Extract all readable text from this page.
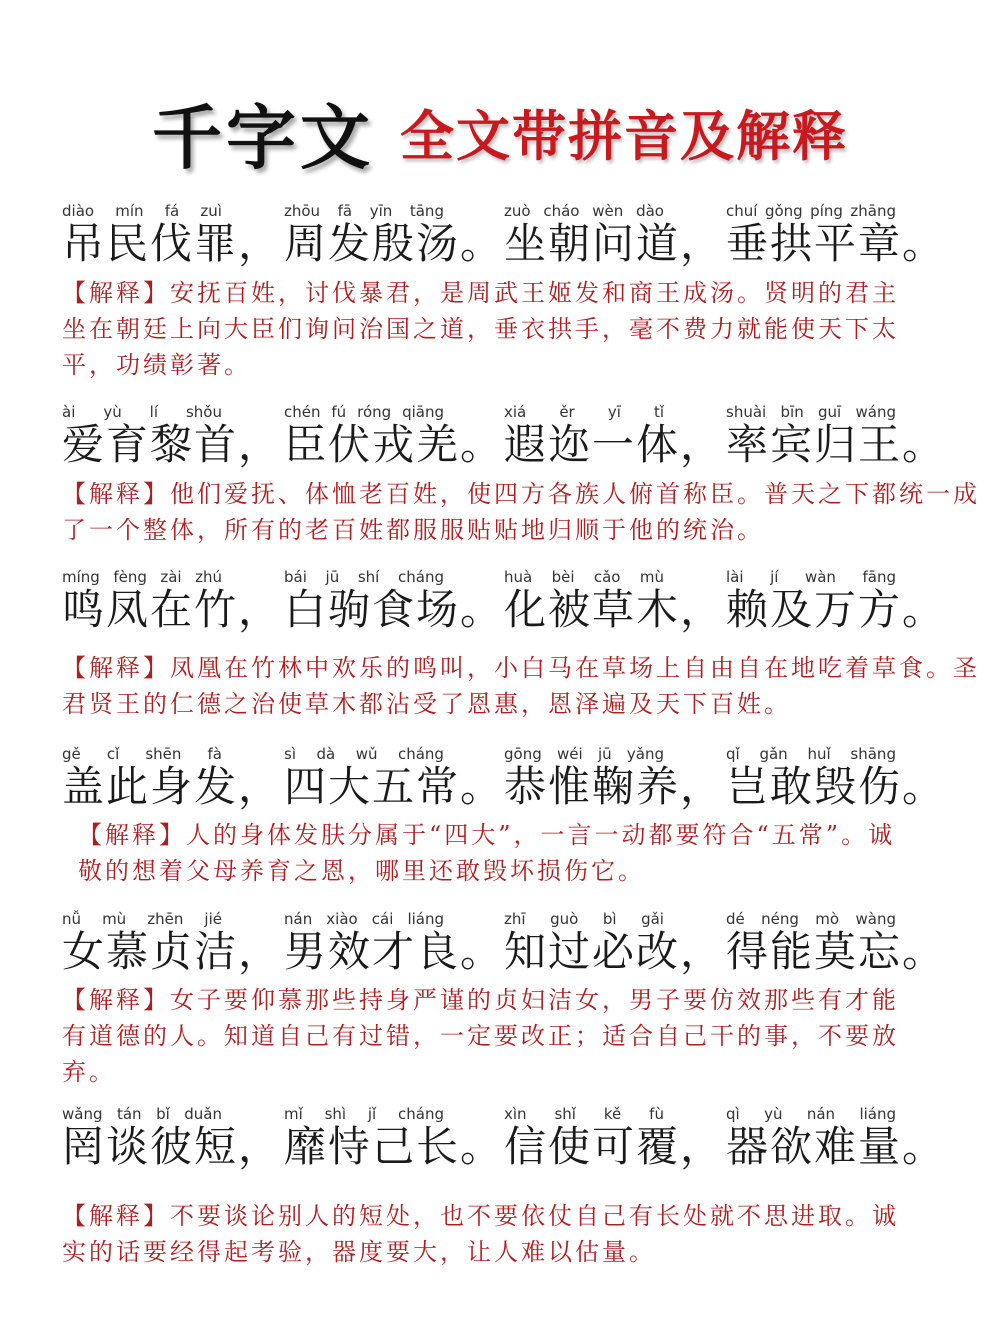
千字文 全文带拼音及解释
diào mín fá zuì
吊民伐罪，
zhōu fā yīn tāng
周发殷汤。
zuò cháo wèn dào
坐朝问道，
chuí gǒng píng zhāng
垂拱平章。
【解释】安抚百姓，讨伐暴君，是周武王姬发和商王成汤。贤明的君主坐在朝廷上向大臣们询问治国之道，垂衣拱手，毫不费力就能使天下太平，功绩彰著。
ài yù lí shǒu
爱育黎首，
chén fú róng qiāng
臣伏戎羌。
xiá ěr yī tǐ
遐迩一体，
shuài bīn guī wáng
率宾归王。
【解释】他们爱抚、体恤老百姓，使四方各族人俯首称臣。普天之下都统一成了一个整体，所有的老百姓都服服贴贴地归顺于他的统治。
míng fèng zài zhú
鸣凤在竹，
bái jū shí cháng
白驹食场。
huà bèi cǎo mù
化被草木，
lài jí wàn fāng
赖及万方。
【解释】凤凰在竹林中欢乐的鸣叫，小白马在草场上自由自在地吃着草食。圣君贤王的仁德之治使草木都沾受了恩惠，恩泽遍及天下百姓。
gě cǐ shēn fà
盖此身发，
sì dà wǔ cháng
四大五常。
gōng wéi jū yǎng
恭惟鞠养，
qǐ gǎn huǐ shāng
岂敢毁伤。
【解释】人的身体发肤分属于“四大”，一言一动都要符合“五常”。诚敬的想着父母养育之恩，哪里还敢毁坏损伤它。
nǚ mù zhēn jié
女慕贞洁，
nán xiào cái liáng
男效才良。
zhī guò bì gǎi
知过必改，
dé néng mò wàng
得能莫忘。
【解释】女子要仰慕那些持身严谨的贞妇洁女，男子要仿效那些有才能有道德的人。知道自己有过错，一定要改正；适合自己干的事，不要放弃。
wǎng tán bǐ duǎn
罔谈彼短，
mǐ shì jǐ cháng
靡恃己长。
xìn shǐ kě fù
信使可覆，
qì yù nán liáng
器欲难量。
【解释】不要谈论别人的短处，也不要依仗自己有长处就不思进取。诚实的话要经得起考验，器度要大，让人难以估量。
